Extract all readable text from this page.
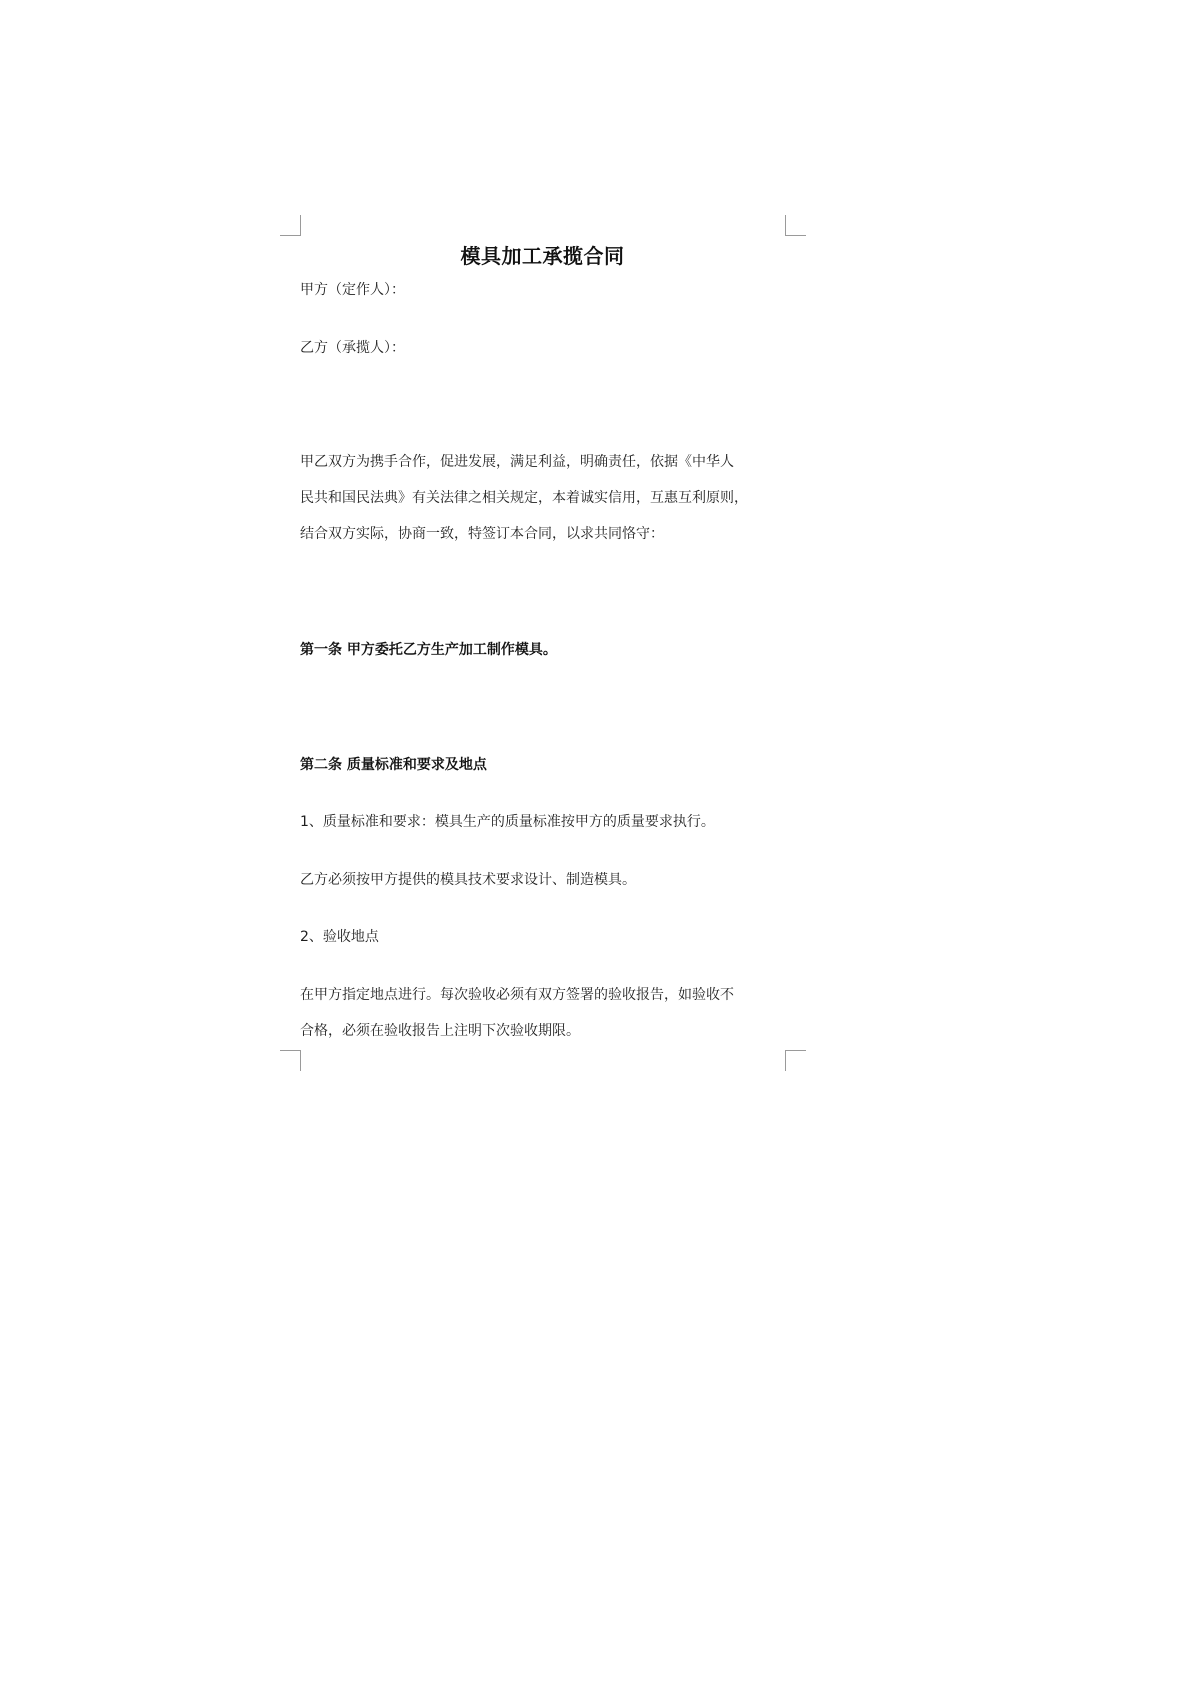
模具加工承揽合同
甲方（定作人）：
乙方（承揽人）：
甲乙双方为携手合作，促进发展，满足利益，明确责任，依据《中华人
民共和国民法典》有关法律之相关规定，本着诚实信用，互惠互利原则，
结合双方实际，协商一致，特签订本合同，以求共同恪守：
第一条 甲方委托乙方生产加工制作模具。
第二条 质量标准和要求及地点
1、质量标准和要求：模具生产的质量标准按甲方的质量要求执行。
乙方必须按甲方提供的模具技术要求设计、制造模具。
2、验收地点
在甲方指定地点进行。每次验收必须有双方签署的验收报告，如验收不
合格，必须在验收报告上注明下次验收期限。
